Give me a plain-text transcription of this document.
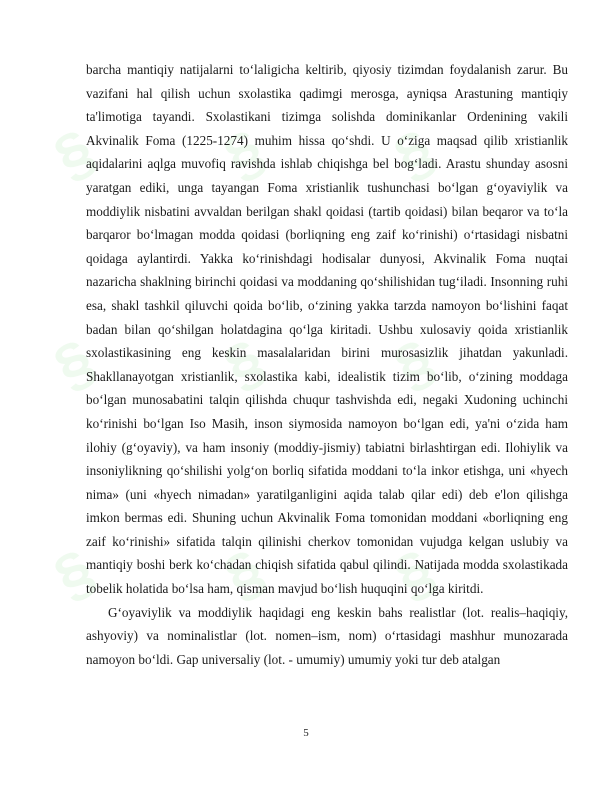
§ § §
§ § §
§ § §

barcha mantiqiy natijalarni to‘laligicha keltirib, qiyosiy tizimdan foydalanish zarur. Bu vazifani hal qilish uchun sxolastika qadimgi merosga, ayniqsa Arastuning mantiqiy ta'limotiga tayandi. Sxolastikani tizimga solishda dominikanlar Ordenining vakili Akvinalik Foma (1225-1274) muhim hissa qo‘shdi. U o‘ziga maqsad qilib xristianlik aqidalarini aqlga muvofiq ravishda ishlab chiqishga bel bog‘ladi. Arastu shunday asosni yaratgan ediki, unga tayangan Foma xristianlik tushunchasi bo‘lgan g‘oyaviylik va moddiylik nisbatini avvaldan berilgan shakl qoidasi (tartib qoidasi) bilan beqaror va to‘la barqaror bo‘lmagan modda qoidasi (borliqning eng zaif ko‘rinishi) o‘rtasidagi nisbatni qoidaga aylantirdi. Yakka ko‘rinishdagi hodisalar dunyosi, Akvinalik Foma nuqtai nazaricha shaklning birinchi qoidasi va moddaning qo‘shilishidan tug‘iladi. Insonning ruhi esa, shakl tashkil qiluvchi qoida bo‘lib, o‘zining yakka tarzda namoyon bo‘lishini faqat badan bilan qo‘shilgan holatdagina qo‘lga kiritadi. Ushbu xulosaviy qoida xristianlik sxolastikasining eng keskin masalalaridan birini murosasizlik jihatdan yakunladi. Shakllanayotgan xristianlik, sxolastika kabi, idealistik tizim bo‘lib, o‘zining moddaga bo‘lgan munosabatini talqin qilishda chuqur tashvishda edi, negaki Xudoning uchinchi ko‘rinishi bo‘lgan Iso Masih, inson siymosida namoyon bo‘lgan edi, ya'ni o‘zida ham ilohiy (g‘oyaviy), va ham insoniy (moddiy-jismiy) tabiatni birlashtirgan edi. Ilohiylik va insoniylikning qo‘shilishi yolg‘on borliq sifatida moddani to‘la inkor etishga, uni «hyech nima» (uni «hyech nimadan» yaratilganligini aqida talab qilar edi) deb e'lon qilishga imkon bermas edi. Shuning uchun Akvinalik Foma tomonidan moddani «borliqning eng zaif ko‘rinishi» sifatida talqin qilinishi cherkov tomonidan vujudga kelgan uslubiy va mantiqiy boshi berk ko‘chadan chiqish sifatida qabul qilindi. Natijada modda sxolastikada tobelik holatida bo‘lsa ham, qisman mavjud bo‘lish huquqini qo‘lga kiritdi.

G‘oyaviylik va moddiylik haqidagi eng keskin bahs realistlar (lot. realis–haqiqiy, ashyoviy) va nominalistlar (lot. nomen–ism, nom) o‘rtasidagi mashhur munozarada namoyon bo‘ldi. Gap universaliy (lot. - umumiy) umumiy yoki tur deb atalgan

5
